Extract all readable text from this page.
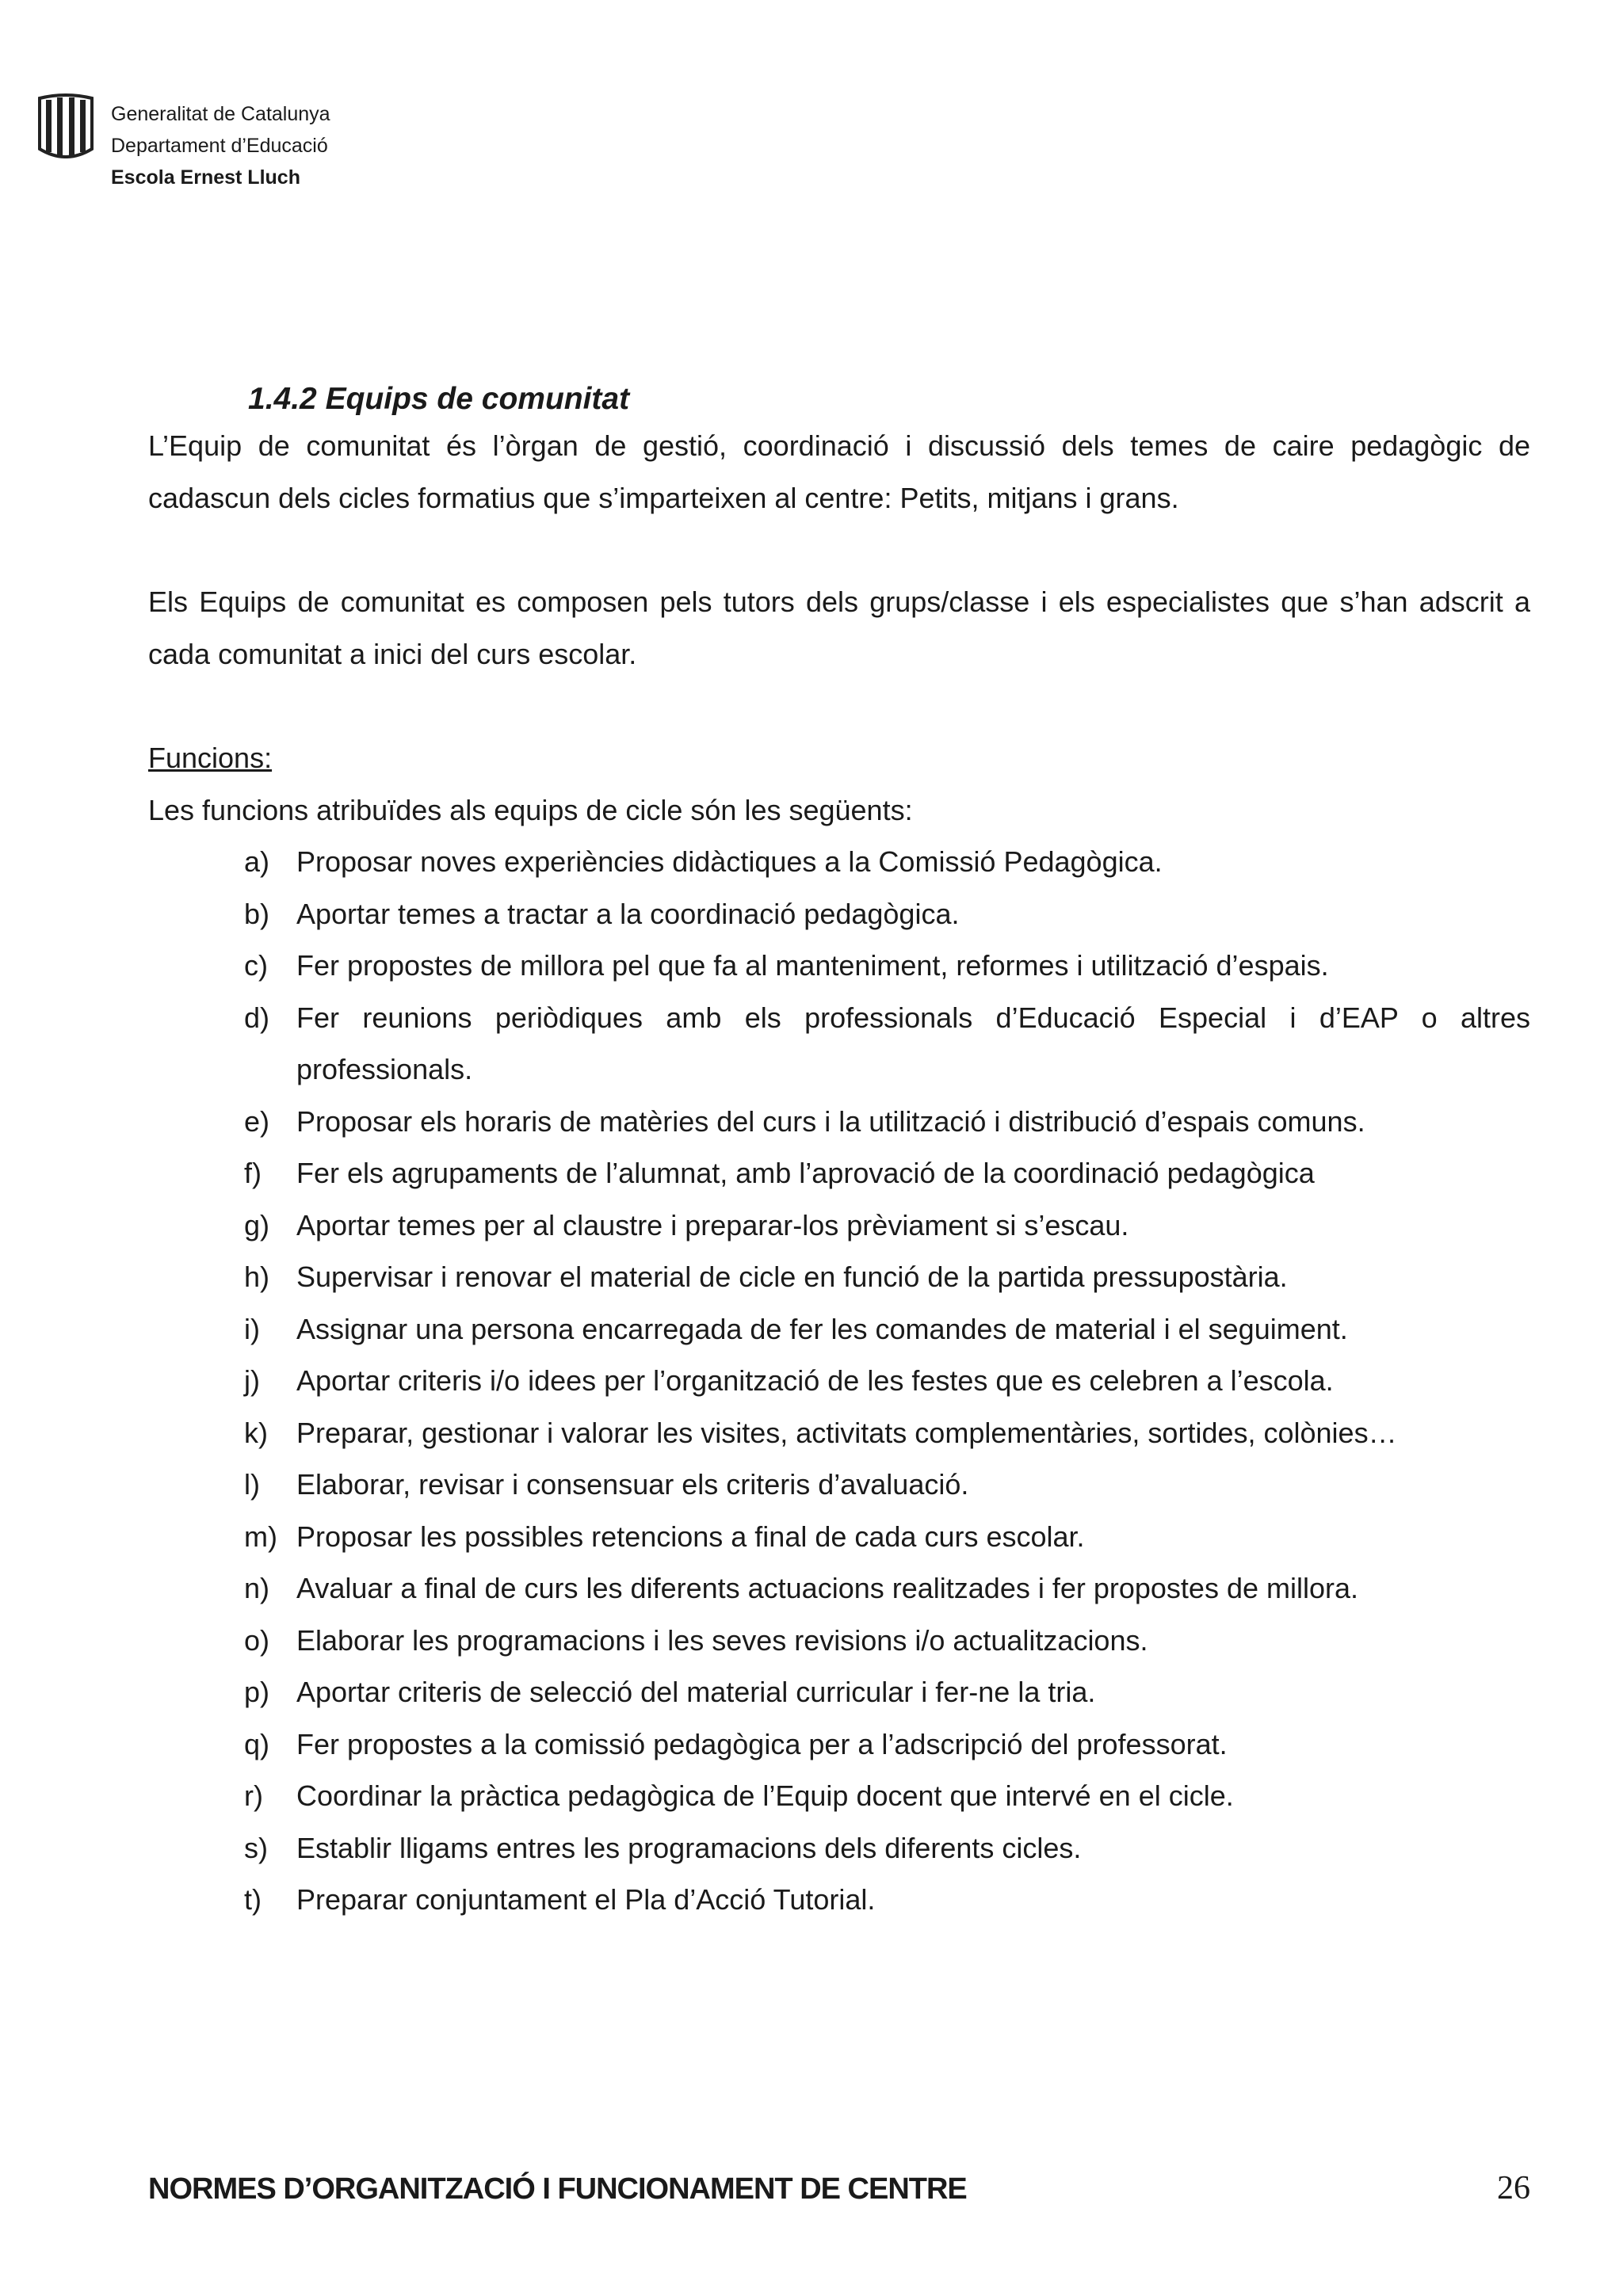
Generalitat de Catalunya
Departament d’Educació
Escola Ernest Lluch
1.4.2 Equips de comunitat

L’Equip de comunitat és l’òrgan de gestió, coordinació i discussió dels temes de caire pedagògic de cadascun dels cicles formatius que s’imparteixen al centre: Petits, mitjans i grans.

Els Equips de comunitat es composen pels tutors dels grups/classe i els especialistes que s’han adscrit a cada comunitat a inici del curs escolar.

Funcions:

Les funcions atribuïdes als equips de cicle són les següents:

a) Proposar noves experiències didàctiques a la Comissió Pedagògica.
b) Aportar temes a tractar a la coordinació pedagògica.
c) Fer propostes de millora pel que fa al manteniment, reformes i utilització d’espais.
d) Fer reunions periòdiques amb els professionals d’Educació Especial i d’EAP o altres
professionals.
e) Proposar els horaris de matèries del curs i la utilització i distribució d’espais comuns.
f) Fer els agrupaments de l’alumnat, amb l’aprovació de la coordinació pedagògica
g) Aportar temes per al claustre i preparar-los prèviament si s’escau.
h) Supervisar i renovar el material de cicle en funció de la partida pressupostària.
i) Assignar una persona encarregada de fer les comandes de material i el seguiment.
j) Aportar criteris i/o idees per l’organització de les festes que es celebren a l’escola.
k) Preparar, gestionar i valorar les visites, activitats complementàries, sortides, colònies…
l) Elaborar, revisar i consensuar els criteris d’avaluació.
m) Proposar les possibles retencions a final de cada curs escolar.
n) Avaluar a final de curs les diferents actuacions realitzades i fer propostes de millora.
o) Elaborar les programacions i les seves revisions i/o actualitzacions.
p) Aportar criteris de selecció del material curricular i fer-ne la tria.
q) Fer propostes a la comissió pedagògica per a l’adscripció del professorat.
r) Coordinar la pràctica pedagògica de l’Equip docent que intervé en el cicle.
s) Establir lligams entres les programacions dels diferents cicles.
t) Preparar conjuntament el Pla d’Acció Tutorial.
NORMES D’ORGANITZACIÓ I FUNCIONAMENT DE CENTRE	26
